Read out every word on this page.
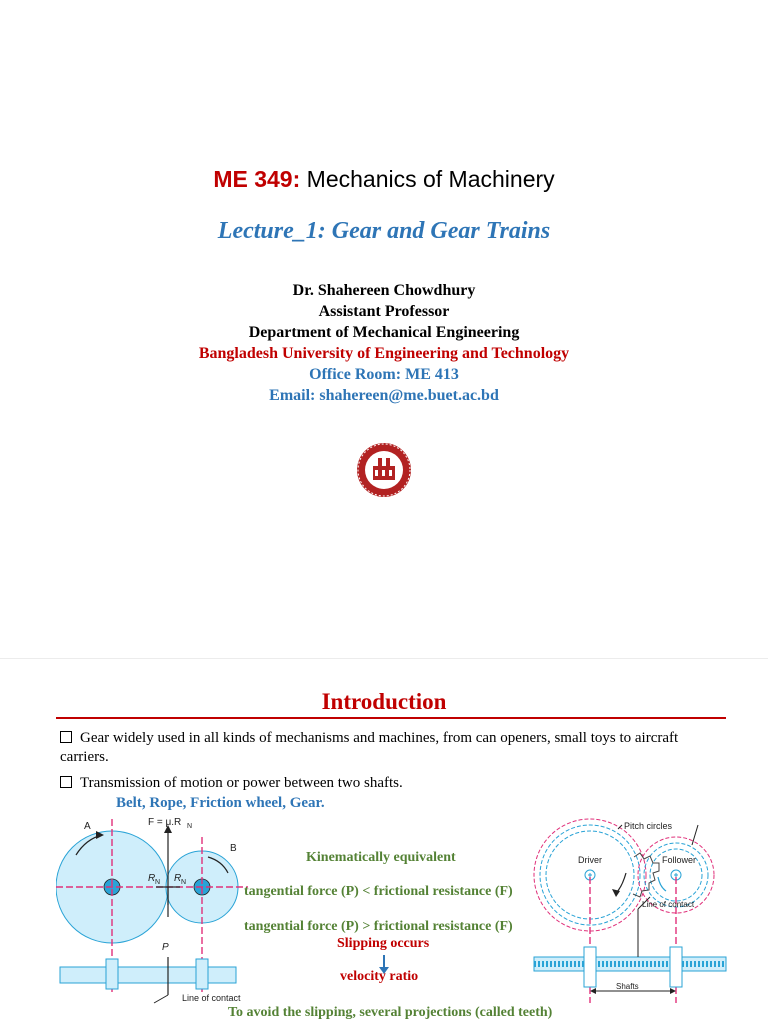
ME 349: Mechanics of Machinery
Lecture_1: Gear and Gear Trains
Dr. Shahereen Chowdhury
Assistant Professor
Department of Mechanical Engineering
Bangladesh University of Engineering and Technology
Office Room: ME 413
Email: shahereen@me.buet.ac.bd
Introduction
Gear widely used in all kinds of mechanisms and machines, from can openers, small toys to aircraft carriers.
Transmission of motion or power between two shafts.
Belt, Rope, Friction wheel, Gear.
A
B
F = μ.R N
R N R N
P
Line of contact
Kinematically equivalent
tangential force (P) < frictional resistance (F)
tangential force (P) > frictional resistance (F)
Slipping occurs
velocity ratio
To avoid the slipping, several projections (called teeth)
Pitch circles
Driver	Follower
Line of contact
Shafts
